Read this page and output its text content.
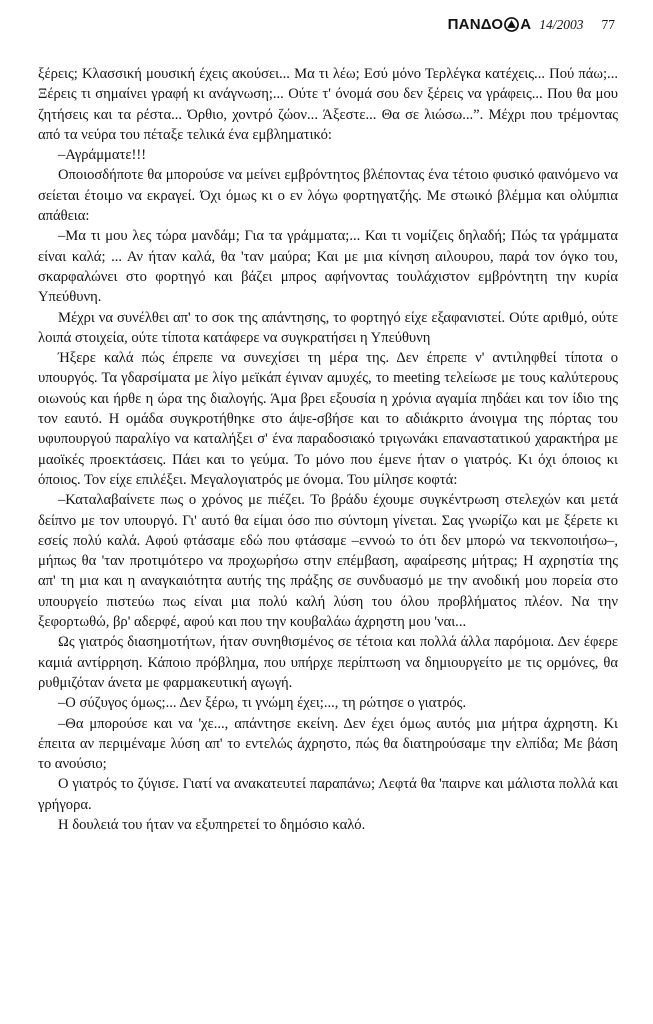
ΠΑΝΔΟ Α 14/2003 77

ξέρεις; Κλασσική μουσική έχεις ακούσει... Μα τι λέω; Εσύ μόνο Τερλέγκα κατέχεις... Πού πάω;... Ξέρεις τι σημαίνει γραφή κι ανάγνωση;... Ούτε τ' όνομά σου δεν ξέρεις να γράφεις... Που θα μου ζητήσεις και τα ρέστα... Όρθιο, χοντρό ζώον... Άξεστε... Θα σε λιώσω...”. Μέχρι που τρέμοντας από τα νεύρα του πέταξε τελικά ένα εμβληματικό:

–Αγράμματε!!!

Οποιοσδήποτε θα μπορούσε να μείνει εμβρόντητος βλέποντας ένα τέτοιο φυσικό φαινόμενο να σείεται έτοιμο να εκραγεί. Όχι όμως κι ο εν λόγω φορτηγατζής. Με στωικό βλέμμα και ολύμπια απάθεια:

–Μα τι μου λες τώρα μανδάμ; Για τα γράμματα;... Και τι νομίζεις δηλαδή; Πώς τα γράμματα είναι καλά; ... Αν ήταν καλά, θα 'ταν μαύρα; Και με μια κίνηση αιλουρου, παρά τον όγκο του, σκαρφαλώνει στο φορτηγό και βάζει μπρος αφήνοντας τουλάχιστον εμβρόντητη την κυρία Υπεύθυνη.

Μέχρι να συνέλθει απ' το σοκ της απάντησης, το φορτηγό είχε εξαφανιστεί. Ούτε αριθμό, ούτε λοιπά στοιχεία, ούτε τίποτα κατάφερε να συγκρατήσει η Υπεύθυνη

Ήξερε καλά πώς έπρεπε να συνεχίσει τη μέρα της. Δεν έπρεπε ν' αντιληφθεί τίποτα ο υπουργός. Τα γδαρσίματα με λίγο μεϊκάπ έγιναν αμυχές, το meeting τελείωσε με τους καλύτερους οιωνούς και ήρθε η ώρα της διαλογής. Άμα βρει εξουσία η χρόνια αγαμία πηδάει και τον ίδιο της τον εαυτό. Η ομάδα συγκροτήθηκε στο άψε-σβήσε και το αδιάκριτο άνοιγμα της πόρτας του υφυπουργού παραλίγο να καταλήξει σ' ένα παραδοσιακό τριγωνάκι επαναστατικού χαρακτήρα με μαοϊκές προεκτάσεις. Πάει και το γεύμα. Το μόνο που έμενε ήταν ο γιατρός. Κι όχι όποιος κι όποιος. Τον είχε επιλέξει. Μεγαλογιατρός με όνομα. Του μίλησε κοφτά:

–Καταλαβαίνετε πως ο χρόνος με πιέζει. Το βράδυ έχουμε συγκέντρωση στελεχών και μετά δείπνο με τον υπουργό. Γι' αυτό θα είμαι όσο πιο σύντομη γίνεται. Σας γνωρίζω και με ξέρετε κι εσείς πολύ καλά. Αφού φτάσαμε εδώ που φτάσαμε –εννοώ το ότι δεν μπορώ να τεκνοποιήσω–, μήπως θα 'ταν προτιμότερο να προχωρήσω στην επέμβαση, αφαίρεσης μήτρας; Η αχρηστία της απ' τη μια και η αναγκαιότητα αυτής της πράξης σε συνδυασμό με την ανοδική μου πορεία στο υπουργείο πιστεύω πως είναι μια πολύ καλή λύση του όλου προβλήματος πλέον. Να την ξεφορτωθώ, βρ' αδερφέ, αφού και που την κουβαλάω άχρηστη μου 'ναι...

Ως γιατρός διασημοτήτων, ήταν συνηθισμένος σε τέτοια και πολλά άλλα παρόμοια. Δεν έφερε καμιά αντίρρηση. Κάποιο πρόβλημα, που υπήρχε περίπτωση να δημιουργείτο με τις ορμόνες, θα ρυθμιζόταν άνετα με φαρμακευτική αγωγή.

–Ο σύζυγος όμως;... Δεν ξέρω, τι γνώμη έχει;..., τη ρώτησε ο γιατρός.

–Θα μπορούσε και να 'χε..., απάντησε εκείνη. Δεν έχει όμως αυτός μια μήτρα άχρηστη. Κι έπειτα αν περιμέναμε λύση απ' το εντελώς άχρηστο, πώς θα διατηρούσαμε την ελπίδα; Με βάση το ανούσιο;

Ο γιατρός το ζύγισε. Γιατί να ανακατευτεί παραπάνω; Λεφτά θα 'παιρνε και μάλιστα πολλά και γρήγορα.

Η δουλειά του ήταν να εξυπηρετεί το δημόσιο καλό.
